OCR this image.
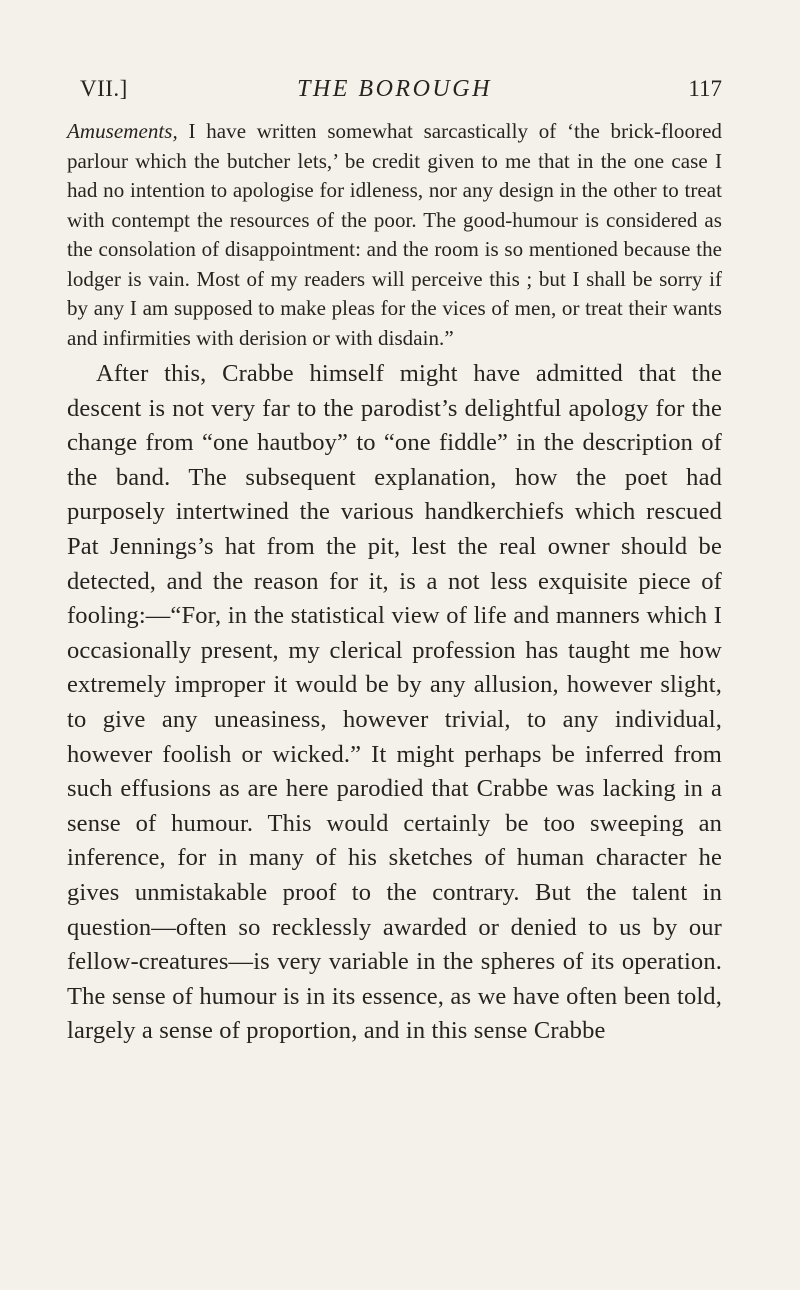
VII.]	THE BOROUGH	117

Amusements, I have written somewhat sarcastically of ‘the brick-floored parlour which the butcher lets,’ be credit given to me that in the one case I had no intention to apologise for idleness, nor any design in the other to treat with contempt the resources of the poor. The good-humour is considered as the consolation of disappointment: and the room is so mentioned because the lodger is vain. Most of my readers will perceive this ; but I shall be sorry if by any I am supposed to make pleas for the vices of men, or treat their wants and infirmities with derision or with disdain.”

After this, Crabbe himself might have admitted that the descent is not very far to the parodist’s delightful apology for the change from “one hautboy” to “one fiddle” in the description of the band. The subsequent explanation, how the poet had purposely intertwined the various handkerchiefs which rescued Pat Jennings’s hat from the pit, lest the real owner should be detected, and the reason for it, is a not less exquisite piece of fooling:—“For, in the statistical view of life and manners which I occasionally present, my clerical profession has taught me how extremely improper it would be by any allusion, however slight, to give any uneasiness, however trivial, to any individual, however foolish or wicked.” It might perhaps be inferred from such effusions as are here parodied that Crabbe was lacking in a sense of humour. This would certainly be too sweeping an inference, for in many of his sketches of human character he gives unmistakable proof to the contrary. But the talent in question—often so recklessly awarded or denied to us by our fellow-creatures—is very variable in the spheres of its operation. The sense of humour is in its essence, as we have often been told, largely a sense of proportion, and in this sense Crabbe
